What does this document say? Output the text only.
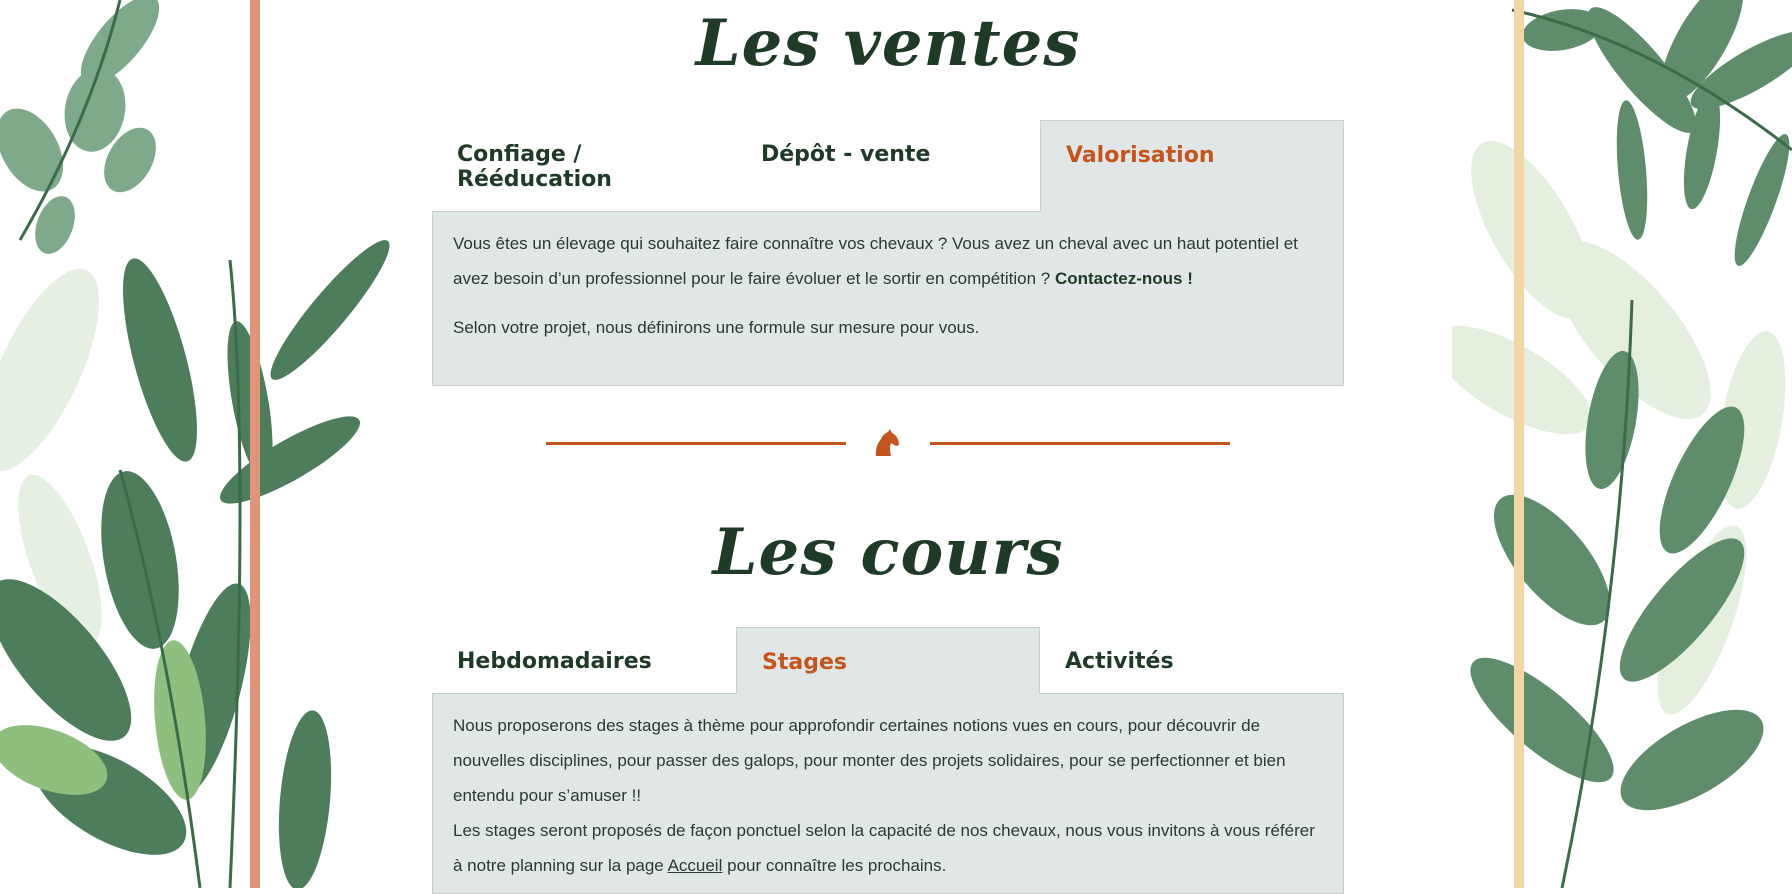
Les ventes
Confiage / Rééducation
Dépôt - vente	Valorisation

Vous êtes un élevage qui souhaitez faire connaître vos chevaux ? Vous avez un cheval avec un haut potentiel et avez besoin d’un professionnel pour le faire évoluer et le sortir en compétition ? Contactez-nous !

Selon votre projet, nous définirons une formule sur mesure pour vous.

Les cours
Hebdomadaires	Stages	Activités

Nous proposerons des stages à thème pour approfondir certaines notions vues en cours, pour découvrir de nouvelles disciplines, pour passer des galops, pour monter des projets solidaires, pour se perfectionner et bien entendu pour s’amuser !!

Les stages seront proposés de façon ponctuel selon la capacité de nos chevaux, nous vous invitons à vous référer à notre planning sur la page Accueil pour connaître les prochains.
